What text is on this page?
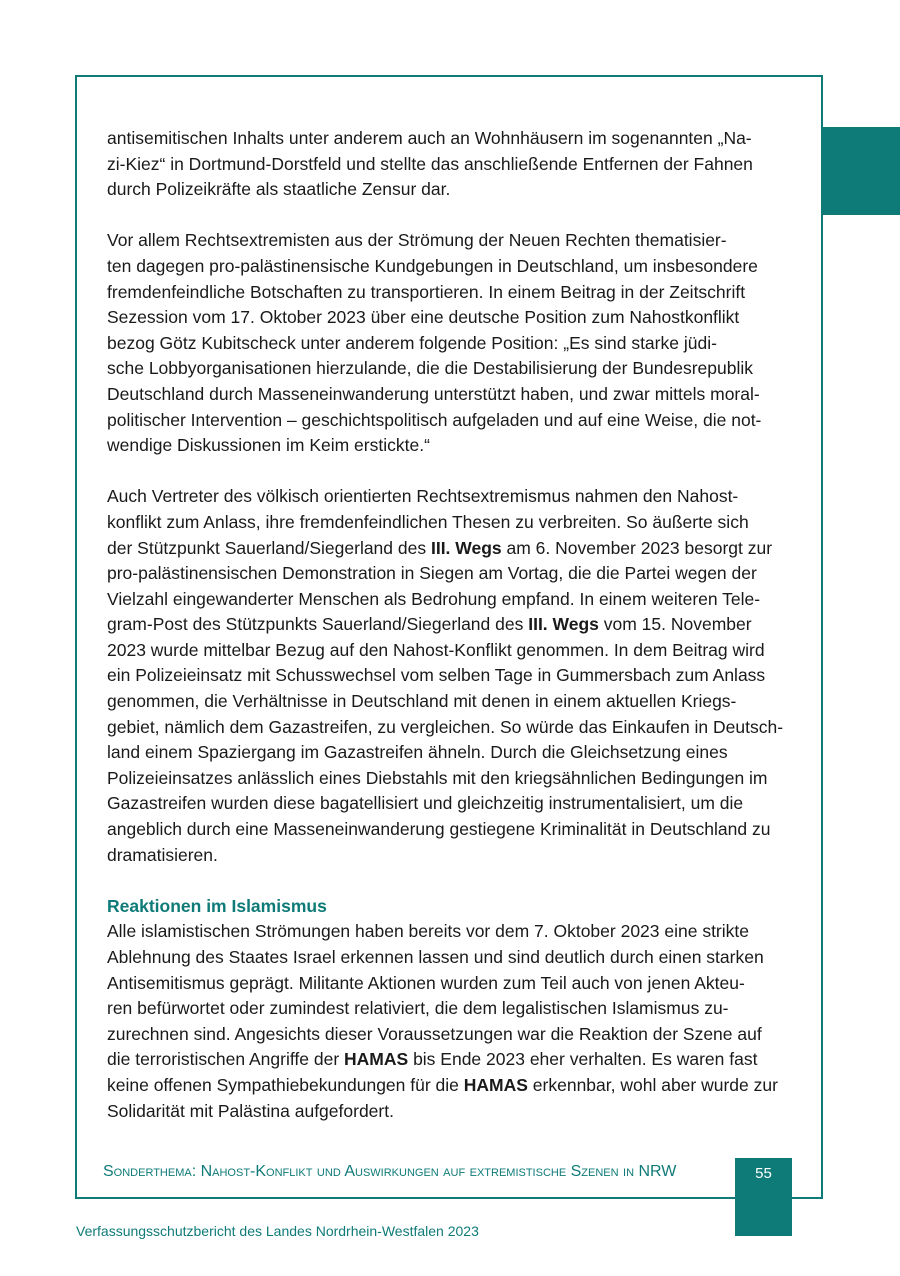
antisemitischen Inhalts unter anderem auch an Wohnhäusern im sogenannten „Na-
zi-Kiez“ in Dortmund-Dorstfeld und stellte das anschließende Entfernen der Fahnen
durch Polizeikräfte als staatliche Zensur dar.
Vor allem Rechtsextremisten aus der Strömung der Neuen Rechten thematisier-
ten dagegen pro-palästinensische Kundgebungen in Deutschland, um insbesondere
fremdenfeindliche Botschaften zu transportieren. In einem Beitrag in der Zeitschrift
Sezession vom 17. Oktober 2023 über eine deutsche Position zum Nahostkonflikt
bezog Götz Kubitscheck unter anderem folgende Position: „Es sind starke jüdi-
sche Lobbyorganisationen hierzulande, die die Destabilisierung der Bundesrepublik
Deutschland durch Masseneinwanderung unterstützt haben, und zwar mittels moral-
politischer Intervention – geschichtspolitisch aufgeladen und auf eine Weise, die not-
wendige Diskussionen im Keim erstickte.“
Auch Vertreter des völkisch orientierten Rechtsextremismus nahmen den Nahost-
konflikt zum Anlass, ihre fremdenfeindlichen Thesen zu verbreiten. So äußerte sich
der Stützpunkt Sauerland/Siegerland des III. Wegs am 6. November 2023 besorgt zur
pro-palästinensischen Demonstration in Siegen am Vortag, die die Partei wegen der
Vielzahl eingewanderter Menschen als Bedrohung empfand. In einem weiteren Tele-
gram-Post des Stützpunkts Sauerland/Siegerland des III. Wegs vom 15. November
2023 wurde mittelbar Bezug auf den Nahost-Konflikt genommen. In dem Beitrag wird
ein Polizeieinsatz mit Schusswechsel vom selben Tage in Gummersbach zum Anlass
genommen, die Verhältnisse in Deutschland mit denen in einem aktuellen Kriegs-
gebiet, nämlich dem Gazastreifen, zu vergleichen. So würde das Einkaufen in Deutsch-
land einem Spaziergang im Gazastreifen ähneln. Durch die Gleichsetzung eines
Polizeieinsatzes anlässlich eines Diebstahls mit den kriegsähnlichen Bedingungen im
Gazastreifen wurden diese bagatellisiert und gleichzeitig instrumentalisiert, um die
angeblich durch eine Masseneinwanderung gestiegene Kriminalität in Deutschland zu
dramatisieren.
Reaktionen im Islamismus
Alle islamistischen Strömungen haben bereits vor dem 7. Oktober 2023 eine strikte
Ablehnung des Staates Israel erkennen lassen und sind deutlich durch einen starken
Antisemitismus geprägt. Militante Aktionen wurden zum Teil auch von jenen Akteu-
ren befürwortet oder zumindest relativiert, die dem legalistischen Islamismus zu-
zurechnen sind. Angesichts dieser Voraussetzungen war die Reaktion der Szene auf
die terroristischen Angriffe der HAMAS bis Ende 2023 eher verhalten. Es waren fast
keine offenen Sympathiebekundungen für die HAMAS erkennbar, wohl aber wurde zur
Solidarität mit Palästina aufgefordert.
Sonderthema: Nahost-Konflikt und Auswirkungen auf extremistische Szenen in NRW	55
Verfassungsschutzbericht des Landes Nordrhein-Westfalen 2023
